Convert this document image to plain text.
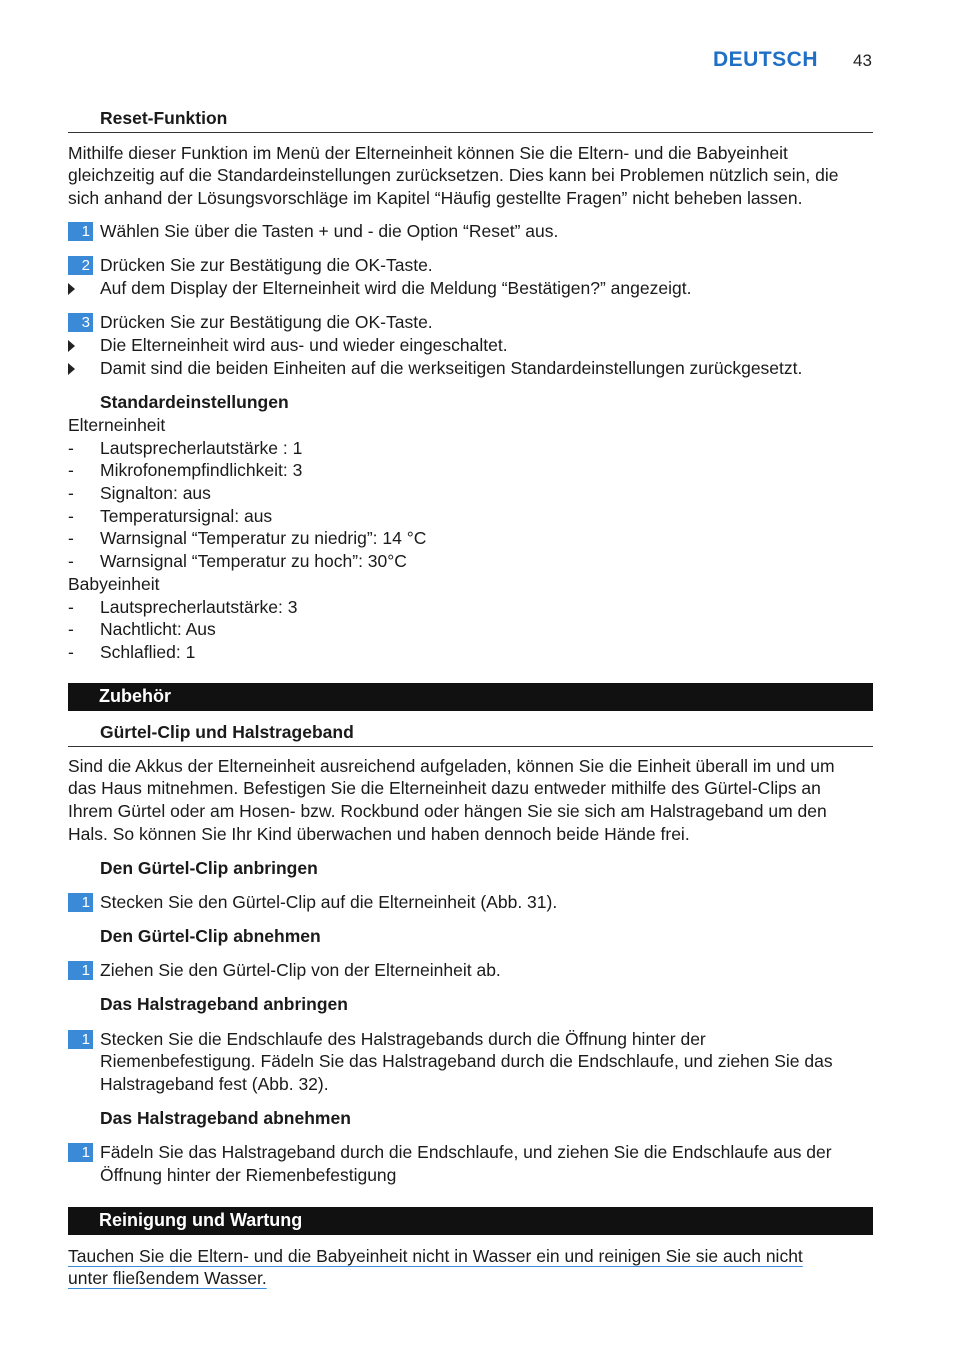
DEUTSCH 43
Reset-Funktion
Mithilfe dieser Funktion im Menü der Elterneinheit können Sie die Eltern- und die Babyeinheit
gleichzeitig auf die Standardeinstellungen zurücksetzen. Dies kann bei Problemen nützlich sein, die
sich anhand der Lösungsvorschläge im Kapitel “Häufig gestellte Fragen” nicht beheben lassen.
1 Wählen Sie über die Tasten + und - die Option “Reset” aus.
2 Drücken Sie zur Bestätigung die OK-Taste.
Auf dem Display der Elterneinheit wird die Meldung “Bestätigen?” angezeigt.
3 Drücken Sie zur Bestätigung die OK-Taste.
Die Elterneinheit wird aus- und wieder eingeschaltet.
Damit sind die beiden Einheiten auf die werkseitigen Standardeinstellungen zurückgesetzt.
Standardeinstellungen
Elterneinheit
- Lautsprecherlautstärke : 1
- Mikrofonempfindlichkeit: 3
- Signalton: aus
- Temperatursignal: aus
- Warnsignal “Temperatur zu niedrig”: 14 °C
- Warnsignal “Temperatur zu hoch”: 30°C
Babyeinheit
- Lautsprecherlautstärke: 3
- Nachtlicht: Aus
- Schlaflied: 1
Zubehör
Gürtel-Clip und Halstrageband
Sind die Akkus der Elterneinheit ausreichend aufgeladen, können Sie die Einheit überall im und um
das Haus mitnehmen. Befestigen Sie die Elterneinheit dazu entweder mithilfe des Gürtel-Clips an
Ihrem Gürtel oder am Hosen- bzw. Rockbund oder hängen Sie sie sich am Halstrageband um den
Hals. So können Sie Ihr Kind überwachen und haben dennoch beide Hände frei.
Den Gürtel-Clip anbringen
1 Stecken Sie den Gürtel-Clip auf die Elterneinheit (Abb. 31).
Den Gürtel-Clip abnehmen
1 Ziehen Sie den Gürtel-Clip von der Elterneinheit ab.
Das Halstrageband anbringen
1 Stecken Sie die Endschlaufe des Halstragebands durch die Öffnung hinter der
Riemenbefestigung. Fädeln Sie das Halstrageband durch die Endschlaufe, und ziehen Sie das
Halstrageband fest (Abb. 32).
Das Halstrageband abnehmen
1 Fädeln Sie das Halstrageband durch die Endschlaufe, und ziehen Sie die Endschlaufe aus der
Öffnung hinter der Riemenbefestigung
Reinigung und Wartung
Tauchen Sie die Eltern- und die Babyeinheit nicht in Wasser ein und reinigen Sie sie auch nicht
unter fließendem Wasser.
